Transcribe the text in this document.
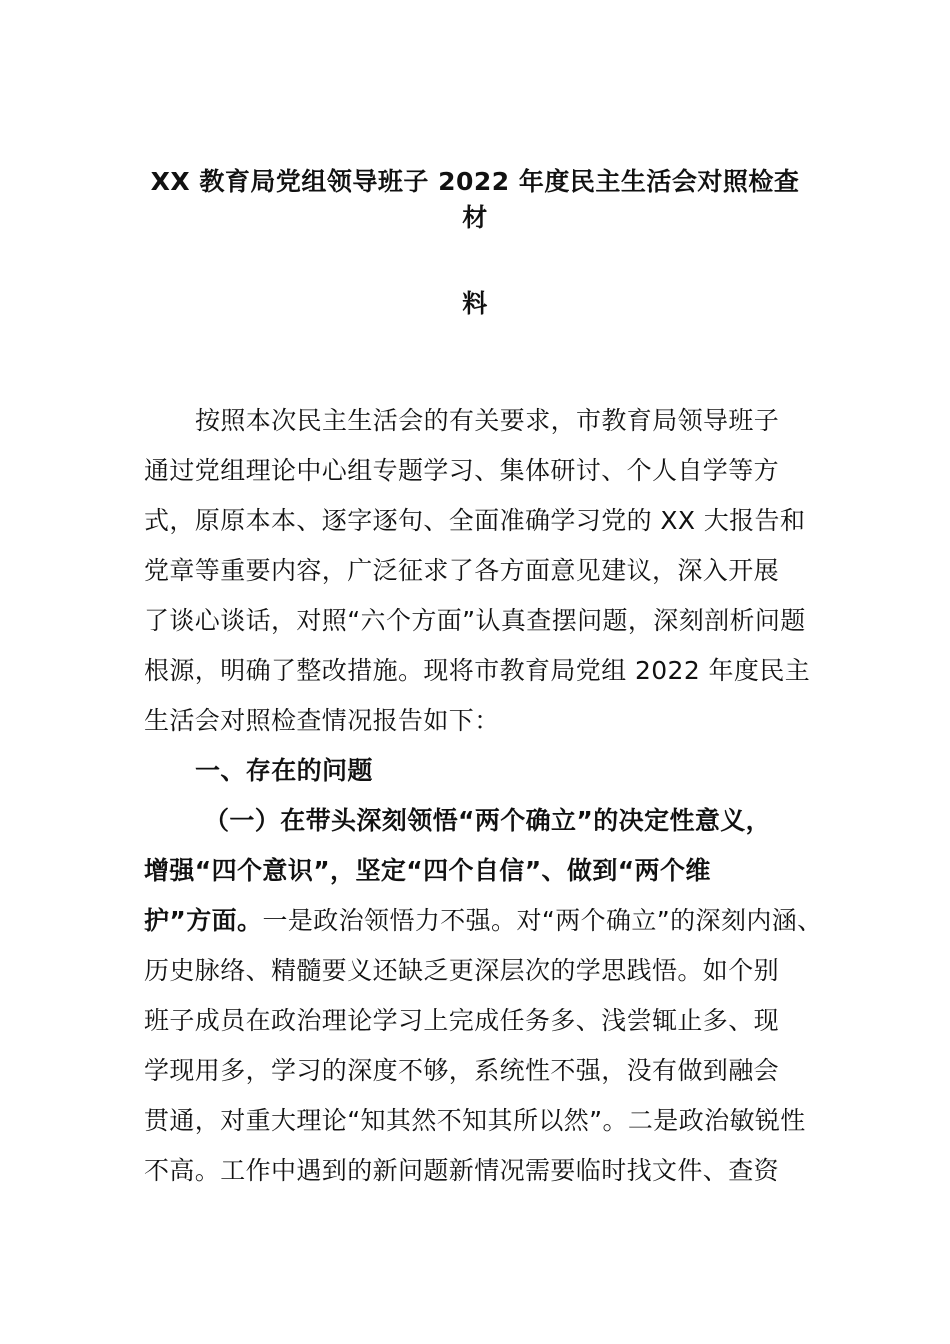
XX 教育局党组领导班子 2022 年度民主生活会对照检查材
料
按照本次民主生活会的有关要求，市教育局领导班子
通过党组理论中心组专题学习、集体研讨、个人自学等方
式，原原本本、逐字逐句、全面准确学习党的 XX 大报告和
党章等重要内容，广泛征求了各方面意见建议，深入开展
了谈心谈话，对照“六个方面”认真查摆问题，深刻剖析问题
根源，明确了整改措施。现将市教育局党组 2022 年度民主
生活会对照检查情况报告如下：
一、存在的问题
（一）在带头深刻领悟“两个确立”的决定性意义，
增强“四个意识”，坚定“四个自信”、做到“两个维
护”方面。一是政治领悟力不强。对“两个确立”的深刻内涵、
历史脉络、精髓要义还缺乏更深层次的学思践悟。如个别
班子成员在政治理论学习上完成任务多、浅尝辄止多、现
学现用多，学习的深度不够，系统性不强，没有做到融会
贯通，对重大理论“知其然不知其所以然”。二是政治敏锐性
不高。工作中遇到的新问题新情况需要临时找文件、查资
